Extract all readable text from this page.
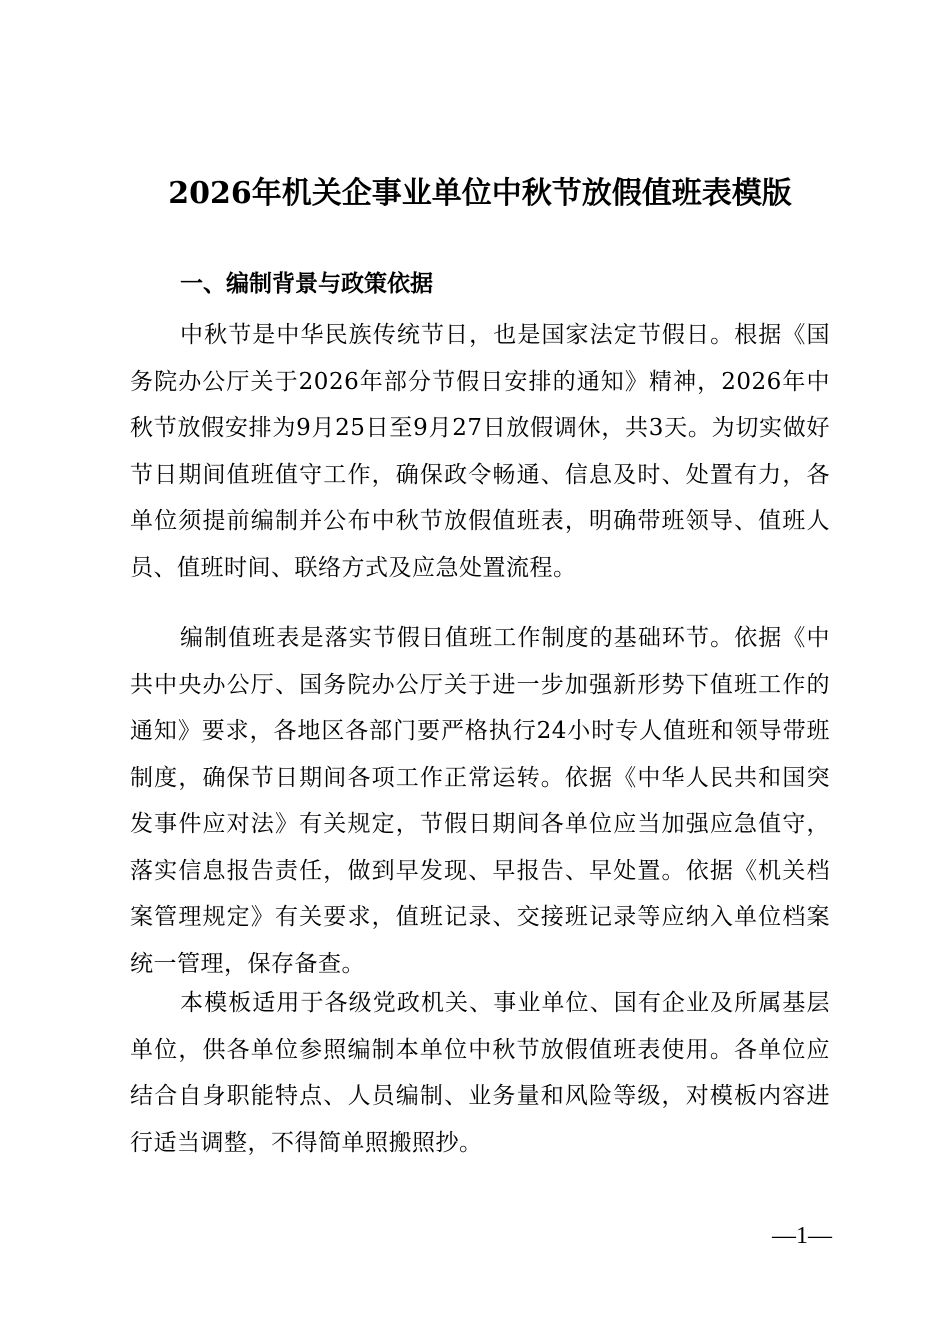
2026年机关企事业单位中秋节放假值班表模版
一、编制背景与政策依据

中秋节是中华民族传统节日，也是国家法定节假日。根据《国务院办公厅关于2026年部分节假日安排的通知》精神，2026年中秋节放假安排为9月25日至9月27日放假调休，共3天。为切实做好节日期间值班值守工作，确保政令畅通、信息及时、处置有力，各单位须提前编制并公布中秋节放假值班表，明确带班领导、值班人员、值班时间、联络方式及应急处置流程。

编制值班表是落实节假日值班工作制度的基础环节。依据《中共中央办公厅、国务院办公厅关于进一步加强新形势下值班工作的通知》要求，各地区各部门要严格执行24小时专人值班和领导带班制度，确保节日期间各项工作正常运转。依据《中华人民共和国突发事件应对法》有关规定，节假日期间各单位应当加强应急值守，落实信息报告责任，做到早发现、早报告、早处置。依据《机关档案管理规定》有关要求，值班记录、交接班记录等应纳入单位档案统一管理，保存备查。

本模板适用于各级党政机关、事业单位、国有企业及所属基层单位，供各单位参照编制本单位中秋节放假值班表使用。各单位应结合自身职能特点、人员编制、业务量和风险等级，对模板内容进行适当调整，不得简单照搬照抄。

—1—
